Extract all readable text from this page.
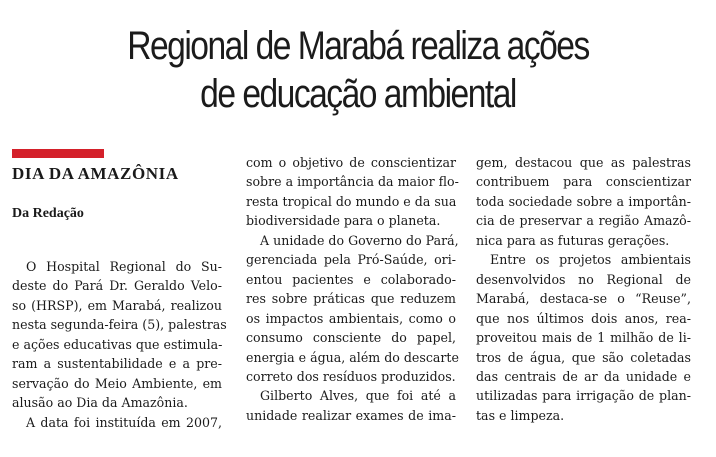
Regional de Marabá realiza ações
de educação ambiental
DIA DA AMAZÔNIA
Da Redação
O Hospital Regional do Su-
deste do Pará Dr. Geraldo Velo-
so (HRSP), em Marabá, realizou
nesta segunda-feira (5), palestras
e ações educativas que estimula-
ram a sustentabilidade e a pre-
servação do Meio Ambiente, em
alusão ao Dia da Amazônia.
A data foi instituída em 2007,
com o objetivo de conscientizar
sobre a importância da maior flo-
resta tropical do mundo e da sua
biodiversidade para o planeta.
A unidade do Governo do Pará,
gerenciada pela Pró-Saúde, ori-
entou pacientes e colaborado-
res sobre práticas que reduzem
os impactos ambientais, como o
consumo consciente do papel,
energia e água, além do descarte
correto dos resíduos produzidos.
Gilberto Alves, que foi até a
unidade realizar exames de ima-
gem, destacou que as palestras
contribuem para conscientizar
toda sociedade sobre a importân-
cia de preservar a região Amazô-
nica para as futuras gerações.
Entre os projetos ambientais
desenvolvidos no Regional de
Marabá, destaca-se o “Reuse”,
que nos últimos dois anos, rea-
proveitou mais de 1 milhão de li-
tros de água, que são coletadas
das centrais de ar da unidade e
utilizadas para irrigação de plan-
tas e limpeza.
